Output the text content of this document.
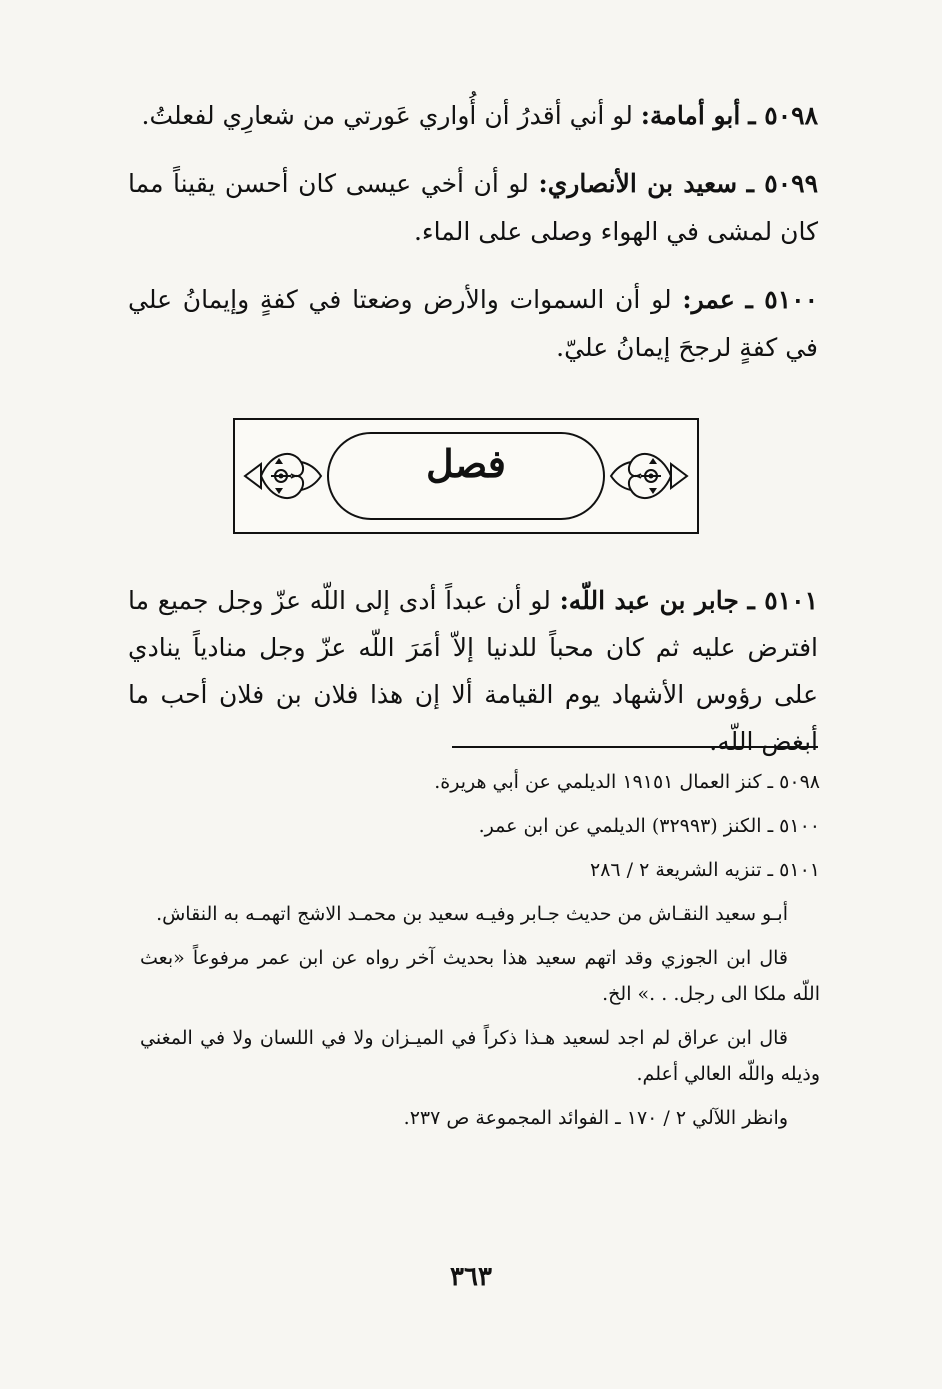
٥٠٩٨ ـ أبو أمامة: لو أني أقدرُ أن أُواري عَورتي من شعارِي لفعلتُ.

٥٠٩٩ ـ سعيد بن الأنصاري: لو أن أخي عيسى كان أحسن يقيناً مما كان لمشى في الهواء وصلى على الماء.

٥١٠٠ ـ عمر: لو أن السموات والأرض وضعتا في كفةٍ وإيمانُ علي في كفةٍ لرجحَ إيمانُ عليّ.

فصل

٥١٠١ ـ جابر بن عبد اللّه: لو أن عبداً أدى إلى اللّه عزّ وجل جميع ما افترض عليه ثم كان محباً للدنيا إلاّ أمَرَ اللّه عزّ وجل منادياً ينادي على رؤوس الأشهاد يوم القيامة ألا إن هذا فلان بن فلان أحب ما أبغض اللّه.

٥٠٩٨ ـ كنز العمال ١٩١٥١ الديلمي عن أبي هريرة.

٥١٠٠ ـ الكنز (٣٢٩٩٣) الديلمي عن ابن عمر.

٥١٠١ ـ تنزيه الشريعة ٢ / ٢٨٦

أبـو سعيد النقـاش من حديث جـابر وفيـه سعيد بن محمـد الاشج اتهمـه به النقاش.

قال ابن الجوزي وقد اتهم سعيد هذا بحديث آخر رواه عن ابن عمر مرفوعاً «بعث اللّه ملكا الى رجل. . .» الخ.

قال ابن عراق لم اجد لسعيد هـذا ذكراً في الميـزان ولا في اللسان ولا في المغني وذيله واللّه العالي أعلم.

وانظر اللآلي ٢ / ١٧٠ ـ الفوائد المجموعة ص ٢٣٧.

٣٦٣
